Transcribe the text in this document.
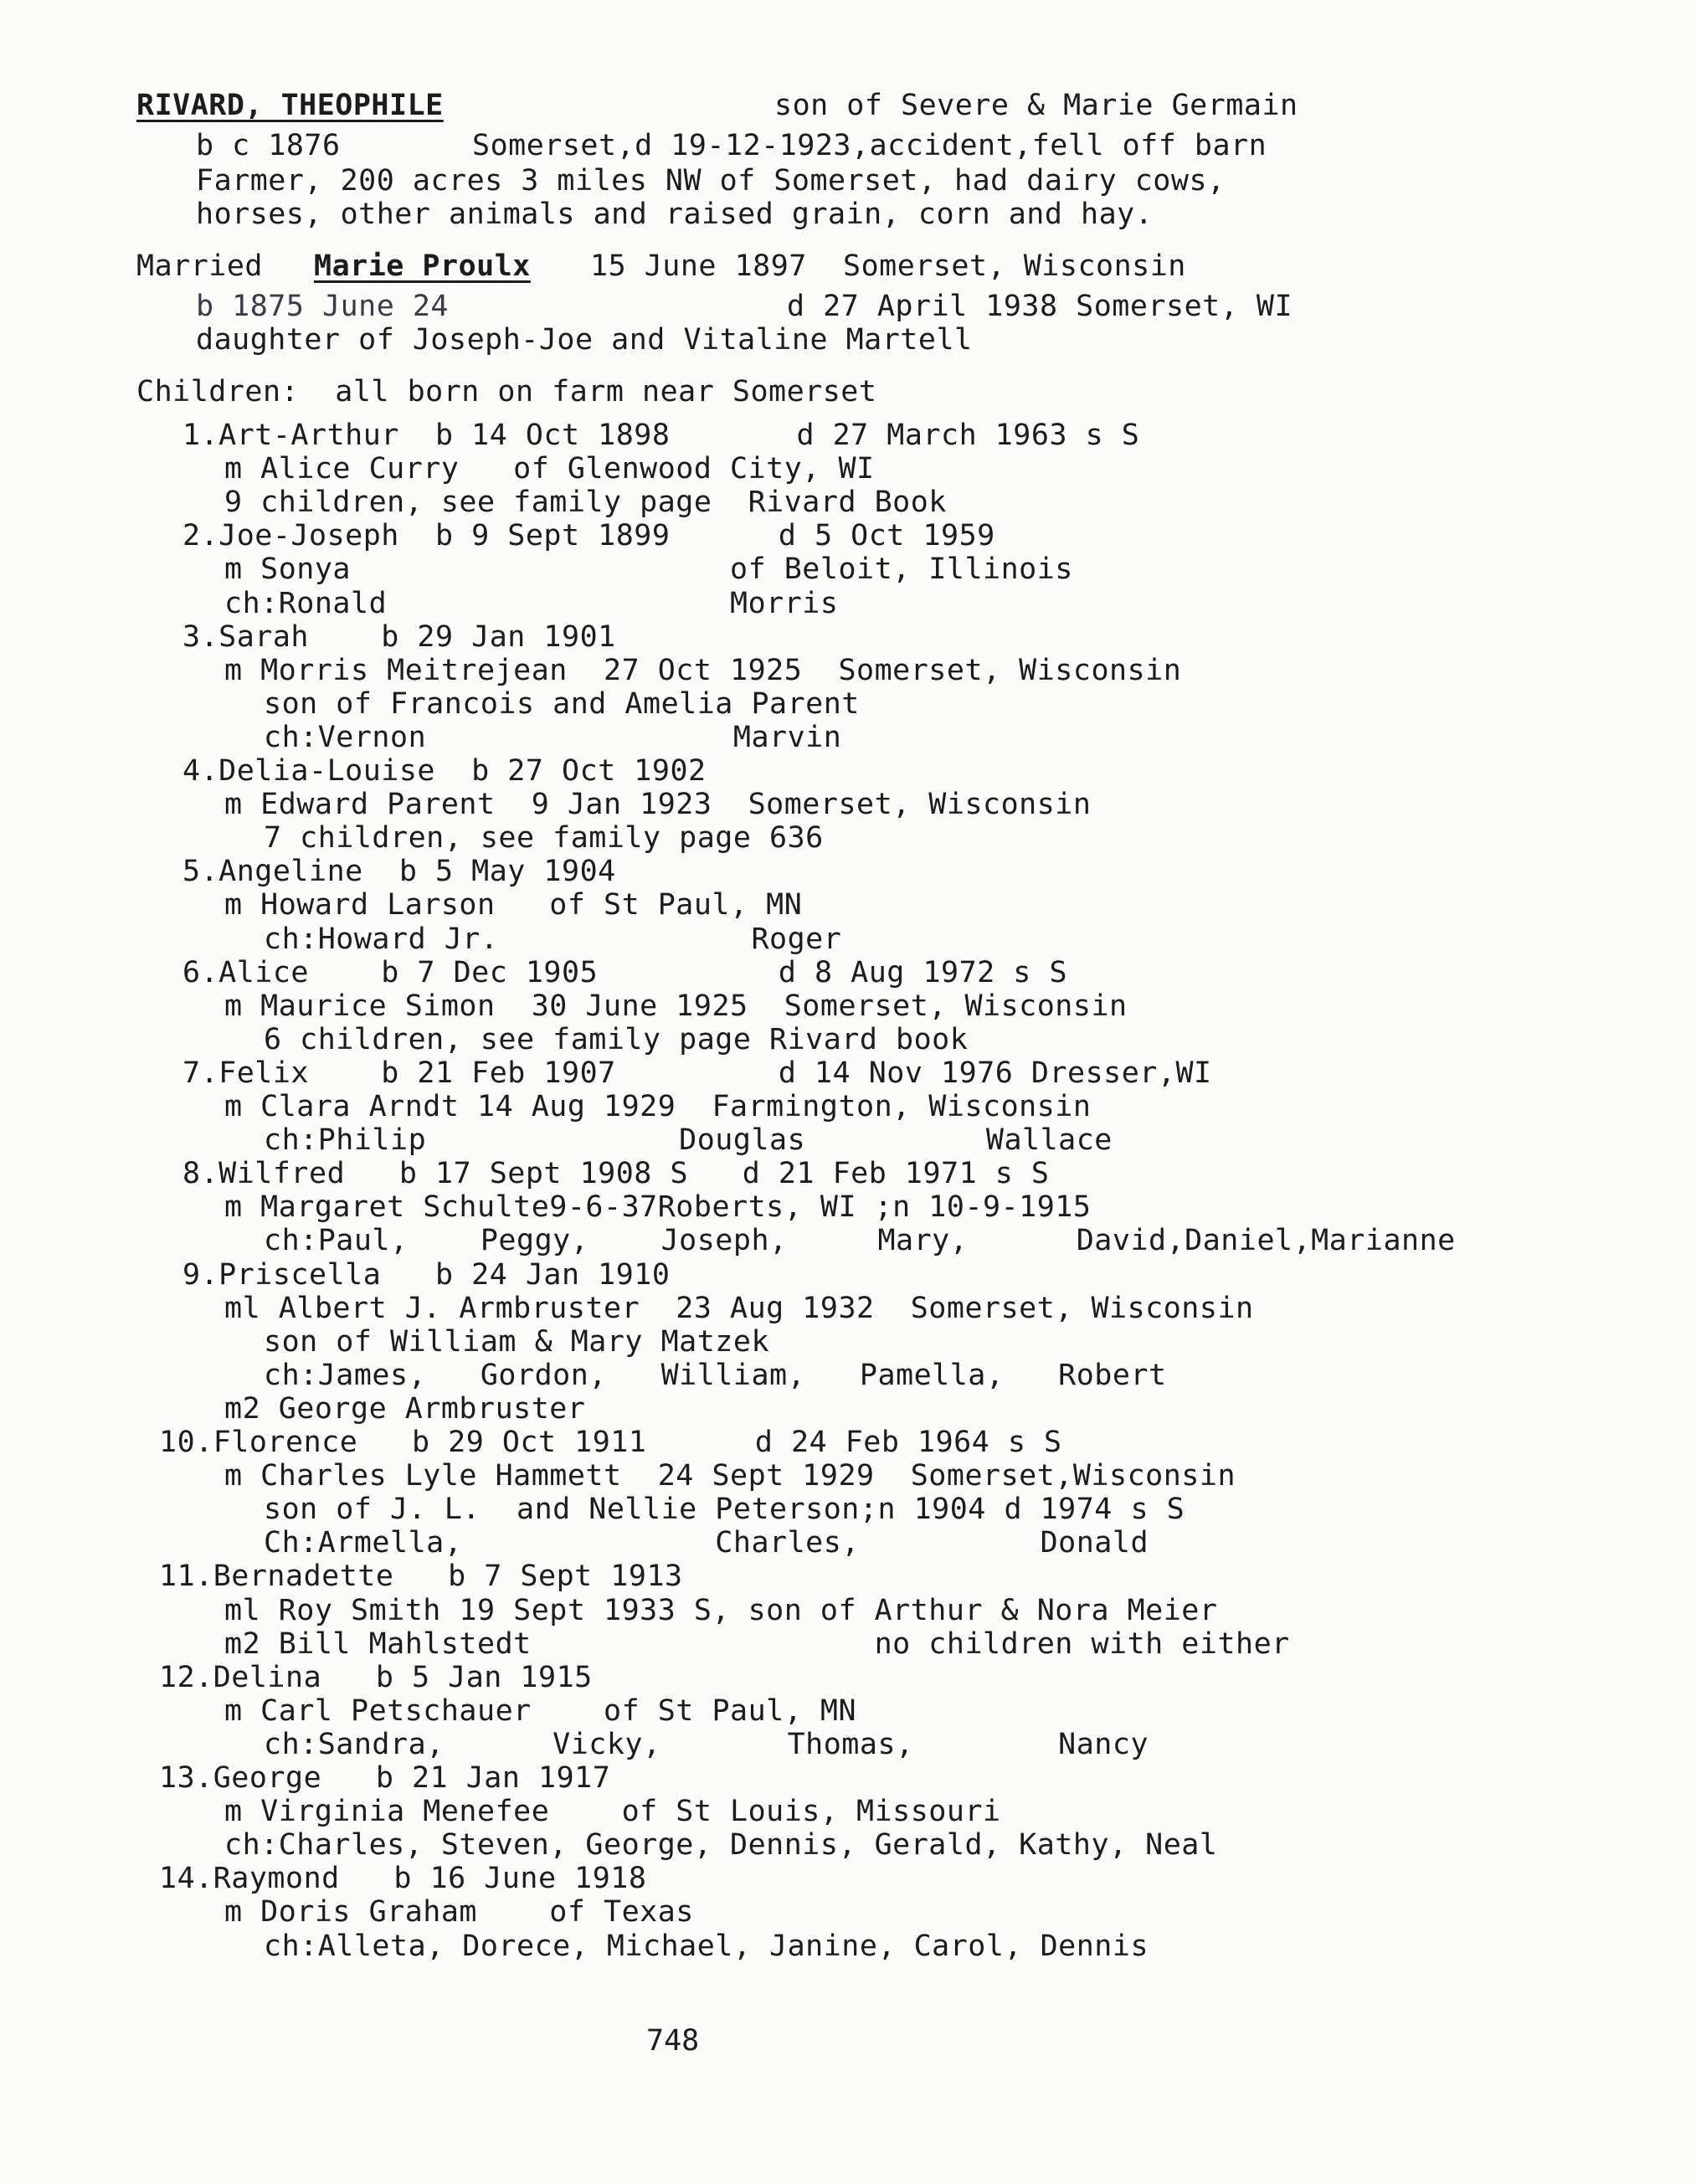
RIVARD, THEOPHILE	son of Severe & Marie Germain
b c 1876	Somerset,d 19-12-1923,accident,fell off barn
Farmer, 200 acres 3 miles NW of Somerset, had dairy cows,
horses, other animals and raised grain, corn and hay.
Married Marie Proulx 15 June 1897  Somerset, Wisconsin
b 1875 June 24	d 27 April 1938 Somerset, WI
daughter of Joseph-Joe and Vitaline Martell
Children:  all born on farm near Somerset
1.Art-Arthur  b 14 Oct 1898       d 27 March 1963 s S
m Alice Curry   of Glenwood City, WI
9 children, see family page  Rivard Book
2.Joe-Joseph  b 9 Sept 1899      d 5 Oct 1959
m Sonya                     of Beloit, Illinois
ch:Ronald                   Morris
3.Sarah    b 29 Jan 1901
m Morris Meitrejean  27 Oct 1925  Somerset, Wisconsin
son of Francois and Amelia Parent
ch:Vernon                 Marvin
4.Delia-Louise  b 27 Oct 1902
m Edward Parent  9 Jan 1923  Somerset, Wisconsin
7 children, see family page 636
5.Angeline  b 5 May 1904
m Howard Larson   of St Paul, MN
ch:Howard Jr.              Roger
6.Alice    b 7 Dec 1905          d 8 Aug 1972 s S
m Maurice Simon  30 June 1925  Somerset, Wisconsin
6 children, see family page Rivard book
7.Felix    b 21 Feb 1907         d 14 Nov 1976 Dresser,WI
m Clara Arndt 14 Aug 1929  Farmington, Wisconsin
ch:Philip              Douglas          Wallace
8.Wilfred   b 17 Sept 1908 S   d 21 Feb 1971 s S
m Margaret Schulte9-6-37Roberts, WI ;n 10-9-1915
ch:Paul,    Peggy,    Joseph,     Mary,      David,Daniel,Marianne
9.Priscella   b 24 Jan 1910
ml Albert J. Armbruster  23 Aug 1932  Somerset, Wisconsin
son of William & Mary Matzek
ch:James,   Gordon,   William,   Pamella,   Robert
m2 George Armbruster
10.Florence   b 29 Oct 1911      d 24 Feb 1964 s S
m Charles Lyle Hammett  24 Sept 1929  Somerset,Wisconsin
son of J. L.  and Nellie Peterson;n 1904 d 1974 s S
Ch:Armella,              Charles,          Donald
11.Bernadette   b 7 Sept 1913
ml Roy Smith 19 Sept 1933 S, son of Arthur & Nora Meier
m2 Bill Mahlstedt                   no children with either
12.Delina   b 5 Jan 1915
m Carl Petschauer    of St Paul, MN
ch:Sandra,      Vicky,       Thomas,        Nancy
13.George   b 21 Jan 1917
m Virginia Menefee    of St Louis, Missouri
ch:Charles, Steven, George, Dennis, Gerald, Kathy, Neal
14.Raymond   b 16 June 1918
m Doris Graham    of Texas
ch:Alleta, Dorece, Michael, Janine, Carol, Dennis
748
